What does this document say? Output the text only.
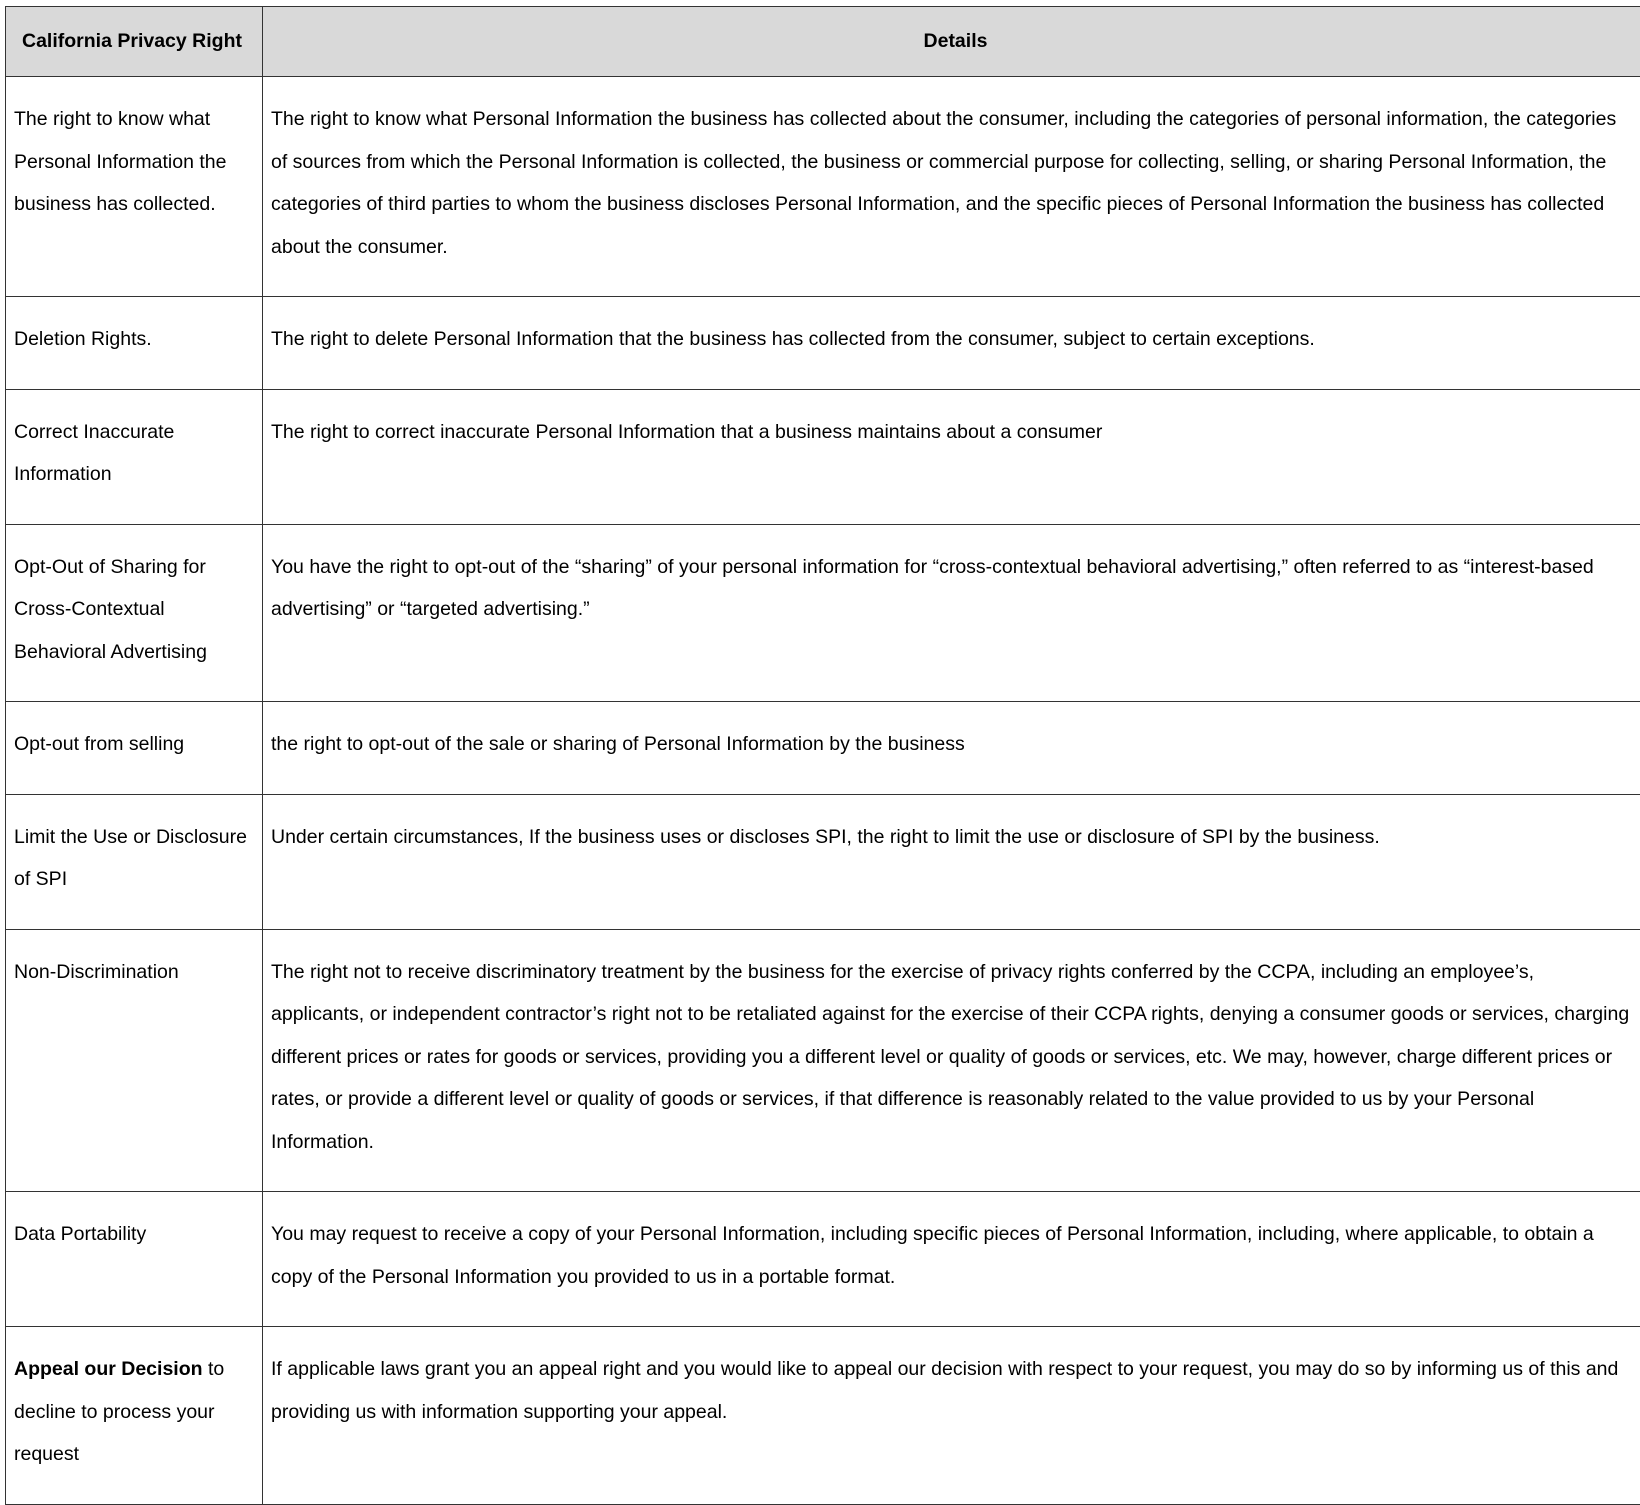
California Privacy Right	Details
The right to know what Personal Information the business has collected.	The right to know what Personal Information the business has collected about the consumer, including the categories of personal information, the categories of sources from which the Personal Information is collected, the business or commercial purpose for collecting, selling, or sharing Personal Information, the categories of third parties to whom the business discloses Personal Information, and the specific pieces of Personal Information the business has collected about the consumer.
Deletion Rights.	The right to delete Personal Information that the business has collected from the consumer, subject to certain exceptions.
Correct Inaccurate Information	The right to correct inaccurate Personal Information that a business maintains about a consumer
Opt-Out of Sharing for Cross-Contextual Behavioral Advertising	You have the right to opt-out of the “sharing” of your personal information for “cross-contextual behavioral advertising,” often referred to as “interest-based advertising” or “targeted advertising.”
Opt-out from selling	the right to opt-out of the sale or sharing of Personal Information by the business
Limit the Use or Disclosure of SPI	Under certain circumstances, If the business uses or discloses SPI, the right to limit the use or disclosure of SPI by the business.
Non-Discrimination	The right not to receive discriminatory treatment by the business for the exercise of privacy rights conferred by the CCPA, including an employee’s, applicants, or independent contractor’s right not to be retaliated against for the exercise of their CCPA rights, denying a consumer goods or services, charging different prices or rates for goods or services, providing you a different level or quality of goods or services, etc. We may, however, charge different prices or rates, or provide a different level or quality of goods or services, if that difference is reasonably related to the value provided to us by your Personal Information.
Data Portability	You may request to receive a copy of your Personal Information, including specific pieces of Personal Information, including, where applicable, to obtain a copy of the Personal Information you provided to us in a portable format.
Appeal our Decision to decline to process your request	If applicable laws grant you an appeal right and you would like to appeal our decision with respect to your request, you may do so by informing us of this and providing us with information supporting your appeal.
